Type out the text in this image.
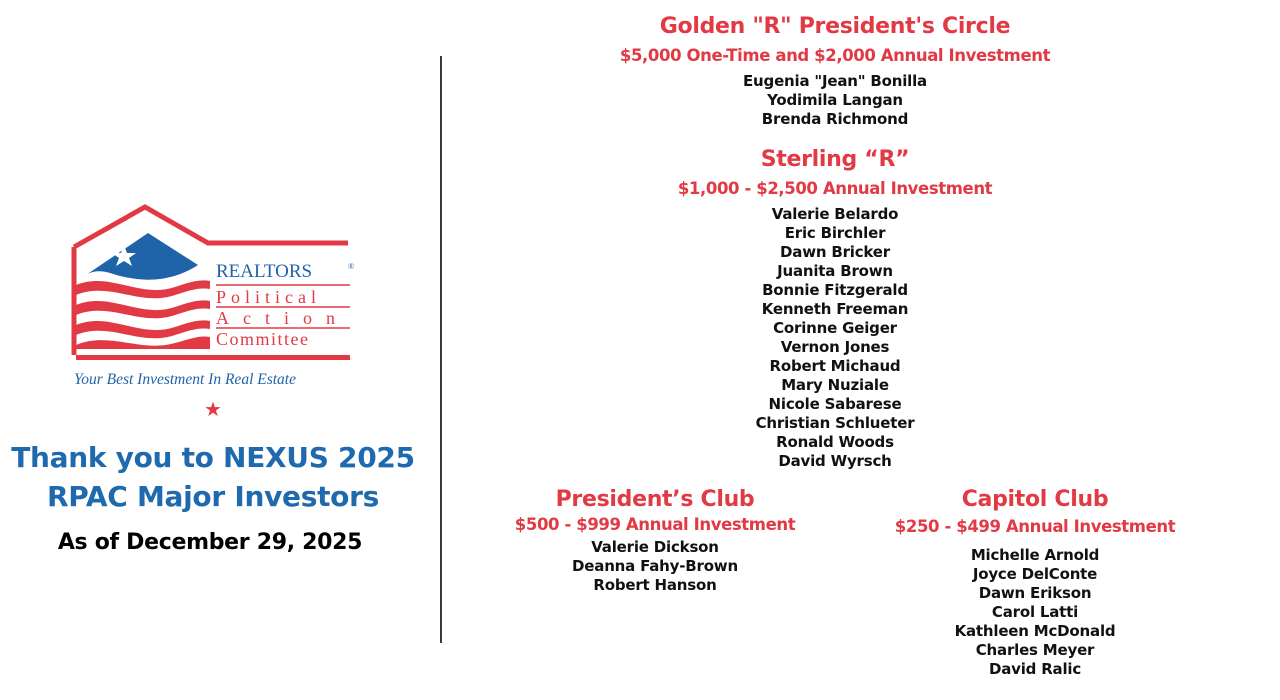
REALTORS	®
Political
Action
Committee
Your Best Investment In Real Estate
★
Thank you to NEXUS 2025
RPAC Major Investors
As of December 29, 2025
Golden "R" President's Circle
$5,000 One-Time and $2,000 Annual Investment
Eugenia "Jean" Bonilla
Yodimila Langan
Brenda Richmond
Sterling “R”
$1,000 - $2,500 Annual Investment
Valerie Belardo
Eric Birchler
Dawn Bricker
Juanita Brown
Bonnie Fitzgerald
Kenneth Freeman
Corinne Geiger
Vernon Jones
Robert Michaud
Mary Nuziale
Nicole Sabarese
Christian Schlueter
Ronald Woods
David Wyrsch
President’s Club
$500 - $999 Annual Investment
Valerie Dickson
Deanna Fahy-Brown
Robert Hanson
Capitol Club
$250 - $499 Annual Investment
Michelle Arnold
Joyce DelConte
Dawn Erikson
Carol Latti
Kathleen McDonald
Charles Meyer
David Ralic
